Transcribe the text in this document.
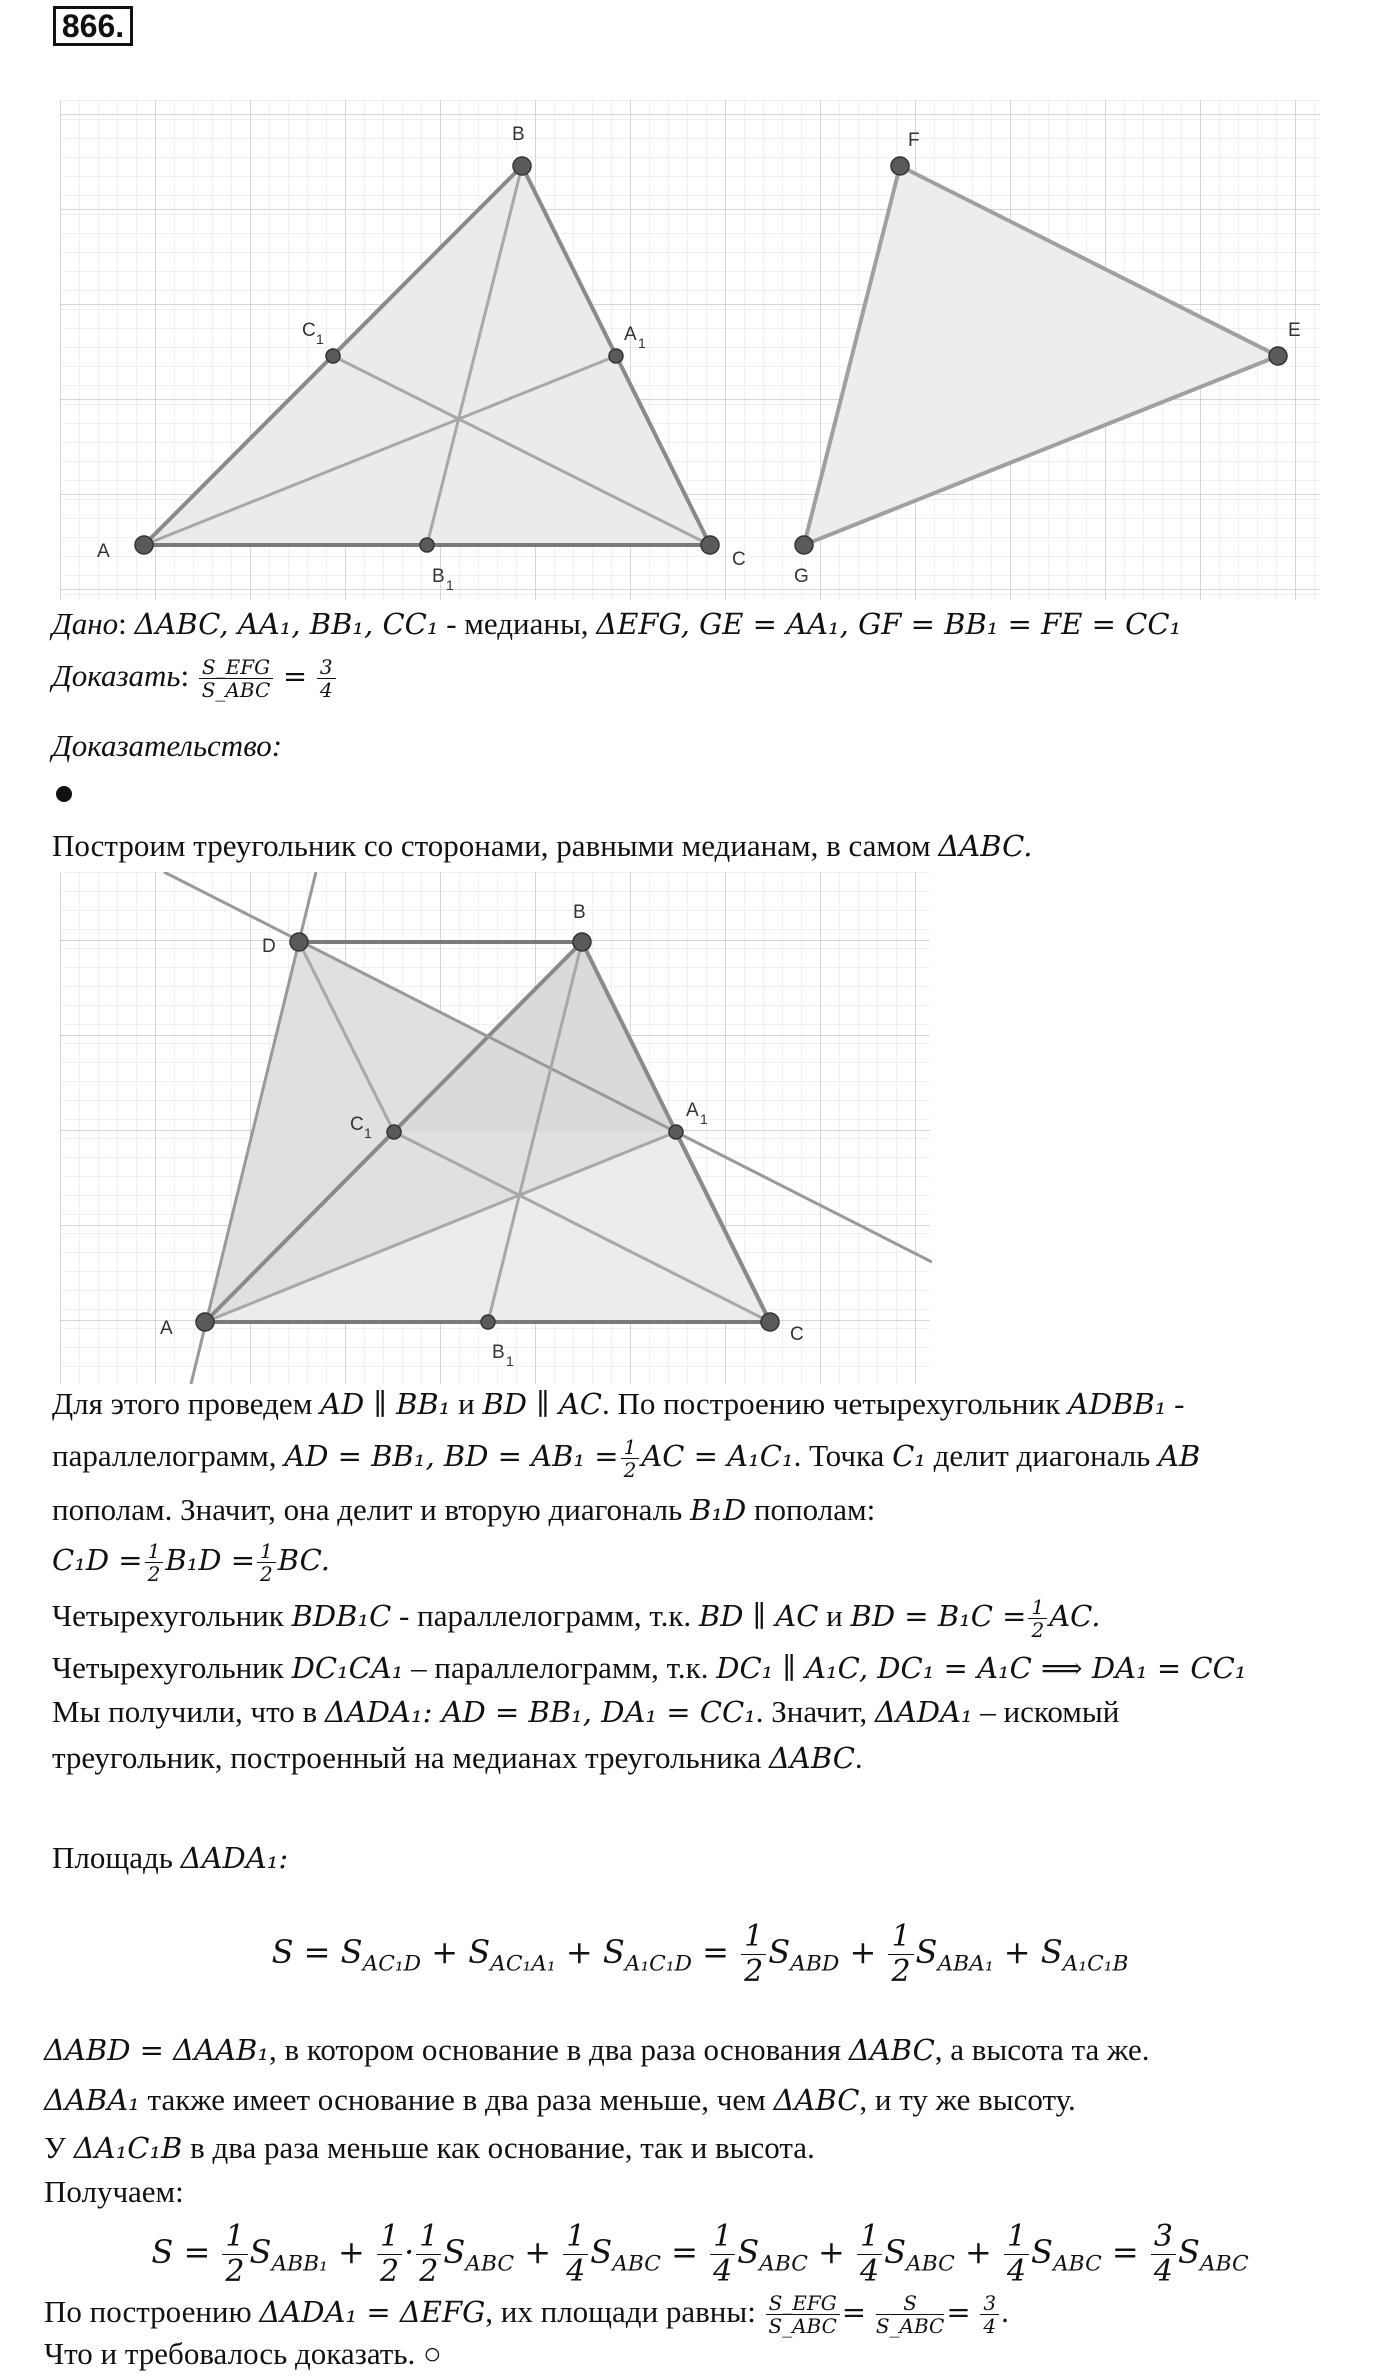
866.
A
B
C
A 1
B 1
C 1	E
F
G
Дано: ΔABC, AA₁, BB₁, CC₁ - медианы, ΔEFG, GE = AA₁, GF = BB₁ = FE = CC₁
Доказать: $\frac{\text{S\_EFG}}{\text{S\_ABC}} = \frac{3}{4}$
Доказательство:
Построим треугольник со сторонами, равными медианам, в самом ΔABC.
A
B
C
D
A 1
B 1
C 1
Для этого проведем AD ∥ BB₁ и BD ∥ AC. По построению четырехугольник ADBB₁ -
параллелограмм, AD = BB₁, BD = $AB_1 = \frac{1}{2}$ AC = A₁C₁. Точка C₁ делит диагональ AB
пополам. Значит, она делит и вторую диагональ B₁D пополам:
$C_1D = \frac{1}{2} B_1D = \frac{1}{2}$ BC.
Четырехугольник BDB₁C - параллелограмм, т.к. BD ∥ AC и BD = $B_1C = \frac{1}{2}$ AC.
Четырехугольник DC₁CA₁ – параллелограмм, т.к. DC₁ ∥ A₁C, DC₁ = A₁C ⟹ DA₁ = CC₁
Мы получили, что в ΔADA₁: AD = BB₁, DA₁ = CC₁. Значит, ΔADA₁ – искомый
треугольник, построенный на медианах треугольника ΔABC.
Площадь ΔADA₁:
$S = S_{AC_1D} + S_{AC_1A_1} + S_{A_1C_1D} = \frac{1}{2} S_{ABD} + \frac{1}{2} S_{ABA_1} + S_{A_1C_1B}$
ΔABD = ΔAAB₁, в котором основание в два раза основания ΔABC, а высота та же.
ΔABA₁ также имеет основание в два раза меньше, чем ΔABC, и ту же высоту.
У ΔA₁C₁B в два раза меньше как основание, так и высота.
Получаем:
$S = \frac{1}{2} S_{ABB_1} + \frac{1}{2} \cdot \frac{1}{2} S_{ABC} + \frac{1}{4} S_{ABC} = \frac{1}{4} S_{ABC} + \frac{1}{4} S_{ABC} + \frac{1}{4} S_{ABC} = \frac{3}{4} S_{ABC}$
По построению ΔADA₁ = ΔEFG, их площади равны: $\frac{\text{S\_EFG}}{\text{S\_ABC}} = \frac{S}{\text{S\_ABC}} = \frac{3}{4}$ .
Что и требовалось доказать. ○
